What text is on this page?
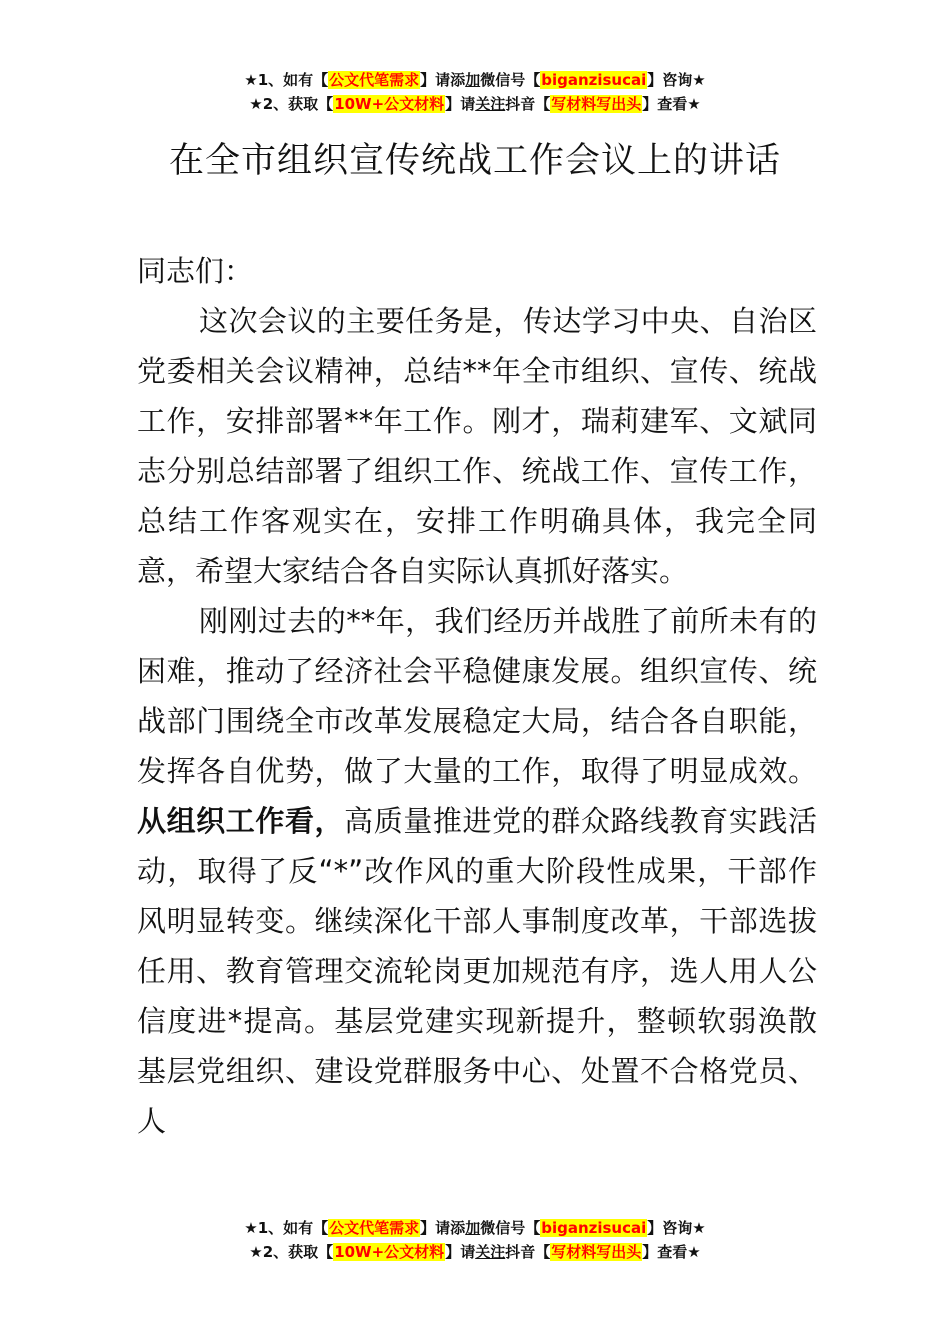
★1、如有【公文代笔需求】请添加微信号【biganzisucai】咨询★
★2、获取【10W+公文材料】请关注抖音【写材料写出头】查看★
在全市组织宣传统战工作会议上的讲话

同志们：

这次会议的主要任务是，传达学习中央、自治区党委相关会议精神，总结**年全市组织、宣传、统战工作，安排部署**年工作。刚才，瑞莉建军、文斌同志分别总结部署了组织工作、统战工作、宣传工作，总结工作客观实在，安排工作明确具体，我完全同意，希望大家结合各自实际认真抓好落实。

刚刚过去的**年，我们经历并战胜了前所未有的困难，推动了经济社会平稳健康发展。组织宣传、统战部门围绕全市改革发展稳定大局，结合各自职能，发挥各自优势，做了大量的工作，取得了明显成效。从组织工作看，高质量推进党的群众路线教育实践活动，取得了反“*”改作风的重大阶段性成果，干部作风明显转变。继续深化干部人事制度改革，干部选拔任用、教育管理交流轮岗更加规范有序，选人用人公信度进*提高。基层党建实现新提升，整顿软弱涣散基层党组织、建设党群服务中心、处置不合格党员、人

★1、如有【公文代笔需求】请添加微信号【biganzisucai】咨询★
★2、获取【10W+公文材料】请关注抖音【写材料写出头】查看★
